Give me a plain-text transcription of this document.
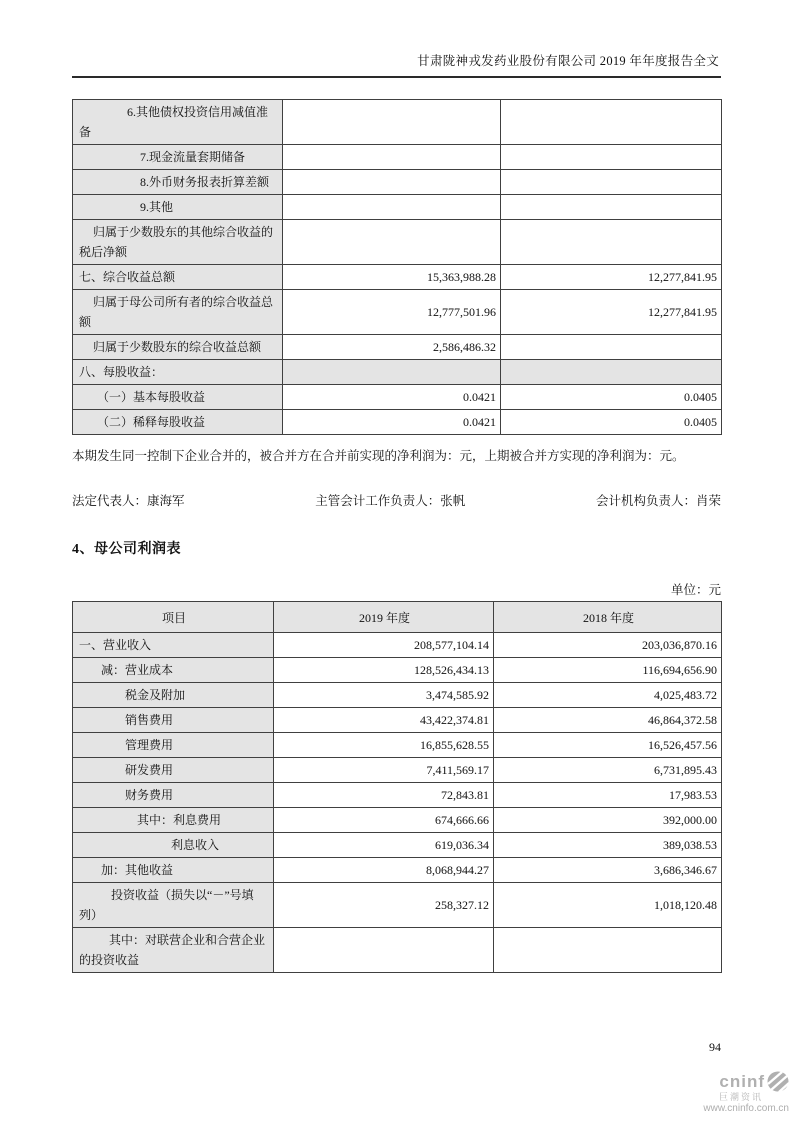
甘肃陇神戎发药业股份有限公司 2019 年年度报告全文
6.其他债权投资信用减值准备		

7.现金流量套期储备		

8.外币财务报表折算差额		

9.其他		

归属于少数股东的其他综合收益的税后净额		

七、综合收益总额	15,363,988.28	12,277,841.95

归属于母公司所有者的综合收益总额	12,777,501.96	12,277,841.95

归属于少数股东的综合收益总额	2,586,486.32	

八、每股收益：		

（一）基本每股收益	0.0421	0.0405

（二）稀释每股收益	0.0421	0.0405

本期发生同一控制下企业合并的，被合并方在合并前实现的净利润为：元，上期被合并方实现的净利润为：元。

法定代表人：康海军	主管会计工作负责人：张帆	会计机构负责人：肖荣
4、母公司利润表
单位：元
项目	2019 年度	2018 年度

一、营业收入	208,577,104.14	203,036,870.16

减：营业成本	128,526,434.13	116,694,656.90

税金及附加	3,474,585.92	4,025,483.72

销售费用	43,422,374.81	46,864,372.58

管理费用	16,855,628.55	16,526,457.56

研发费用	7,411,569.17	6,731,895.43

财务费用	72,843.81	17,983.53

其中：利息费用	674,666.66	392,000.00

利息收入	619,036.34	389,038.53

加：其他收益	8,068,944.27	3,686,346.67

投资收益（损失以“－”号填列）	258,327.12	1,018,120.48

其中：对联营企业和合营企业的投资收益		

94
cninf
巨潮资讯
www.cninfo.com.cn
